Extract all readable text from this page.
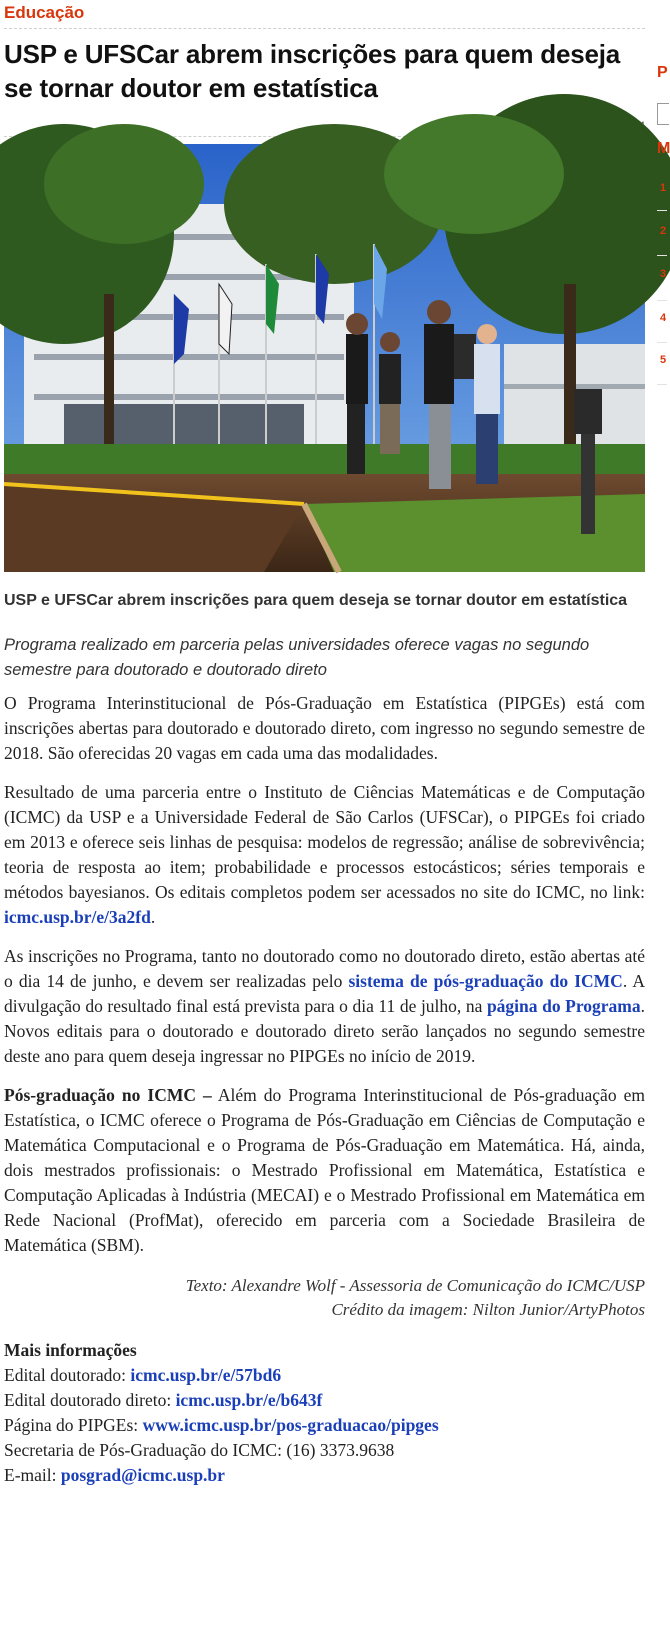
Educação
USP e UFSCar abrem inscrições para quem deseja se tornar doutor em estatística
USP e UFSCar abrem inscrições para quem deseja se tornar doutor em estatística
Programa realizado em parceria pelas universidades oferece vagas no segundo semestre para doutorado e doutorado direto

O Programa Interinstitucional de Pós-Graduação em Estatística (PIPGEs) está com inscrições abertas para doutorado e doutorado direto, com ingresso no segundo semestre de 2018. São oferecidas 20 vagas em cada uma das modalidades.

Resultado de uma parceria entre o Instituto de Ciências Matemáticas e de Computação (ICMC) da USP e a Universidade Federal de São Carlos (UFSCar), o PIPGEs foi criado em 2013 e oferece seis linhas de pesquisa: modelos de regressão; análise de sobrevivência; teoria de resposta ao item; probabilidade e processos estocásticos; séries temporais e métodos bayesianos. Os editais completos podem ser acessados no site do ICMC, no link: icmc.usp.br/e/3a2fd.

As inscrições no Programa, tanto no doutorado como no doutorado direto, estão abertas até o dia 14 de junho, e devem ser realizadas pelo sistema de pós-graduação do ICMC. A divulgação do resultado final está prevista para o dia 11 de julho, na página do Programa. Novos editais para o doutorado e doutorado direto serão lançados no segundo semestre deste ano para quem deseja ingressar no PIPGEs no início de 2019.

Pós-graduação no ICMC – Além do Programa Interinstitucional de Pós-graduação em Estatística, o ICMC oferece o Programa de Pós-Graduação em Ciências de Computação e Matemática Computacional e o Programa de Pós-Graduação em Matemática. Há, ainda, dois mestrados profissionais: o Mestrado Profissional em Matemática, Estatística e Computação Aplicadas à Indústria (MECAI) e o Mestrado Profissional em Matemática em Rede Nacional (ProfMat), oferecido em parceria com a Sociedade Brasileira de Matemática (SBM).

Texto: Alexandre Wolf - Assessoria de Comunicação do ICMC/USP
Crédito da imagem: Nilton Junior/ArtyPhotos
Mais informações
Edital doutorado: icmc.usp.br/e/57bd6
Edital doutorado direto: icmc.usp.br/e/b643f
Página do PIPGEs: www.icmc.usp.br/pos-graduacao/pipges
Secretaria de Pós-Graduação do ICMC: (16) 3373.9638
E-mail: posgrad@icmc.usp.br
P
M
1
2
3
4
5
